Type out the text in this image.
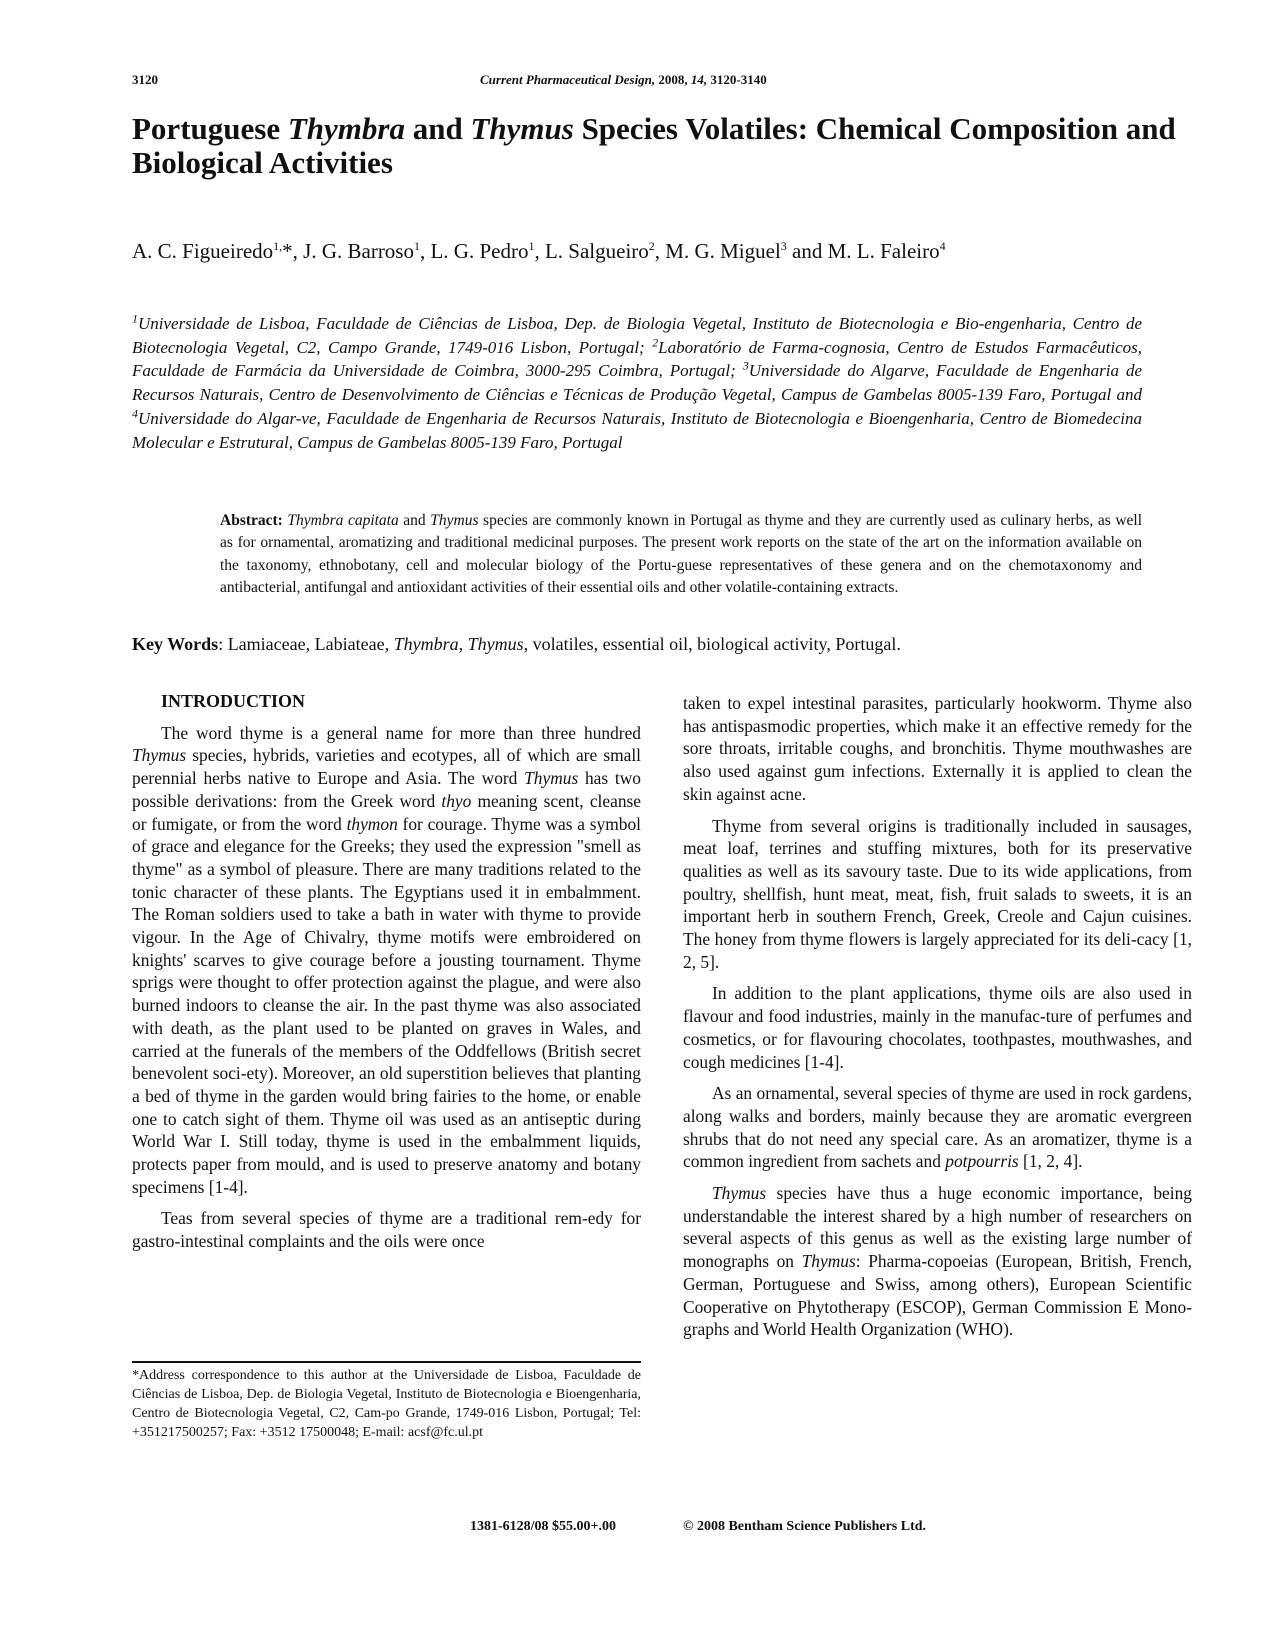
3120	Current Pharmaceutical Design, 2008, 14, 3120-3140
Portuguese Thymbra and Thymus Species Volatiles: Chemical Composition and Biological Activities
A. C. Figueiredo$^{1,}$*, J. G. Barroso$^1$, L. G. Pedro$^1$, L. Salgueiro$^2$, M. G. Miguel$^3$ and M. L. Faleiro$^4$
$^1$Universidade de Lisboa, Faculdade de Ciências de Lisboa, Dep. de Biologia Vegetal, Instituto de Biotecnologia e Bio-engenharia, Centro de Biotecnologia Vegetal, C2, Campo Grande, 1749-016 Lisbon, Portugal; $^2$Laboratório de Farma-cognosia, Centro de Estudos Farmacêuticos, Faculdade de Farmácia da Universidade de Coimbra, 3000-295 Coimbra, Portugal; $^3$Universidade do Algarve, Faculdade de Engenharia de Recursos Naturais, Centro de Desenvolvimento de Ciências e Técnicas de Produção Vegetal, Campus de Gambelas 8005-139 Faro, Portugal and $^4$Universidade do Algar-ve, Faculdade de Engenharia de Recursos Naturais, Instituto de Biotecnologia e Bioengenharia, Centro de Biomedecina Molecular e Estrutural, Campus de Gambelas 8005-139 Faro, Portugal
Abstract: Thymbra capitata and Thymus species are commonly known in Portugal as thyme and they are currently used as culinary herbs, as well as for ornamental, aromatizing and traditional medicinal purposes. The present work reports on the state of the art on the information available on the taxonomy, ethnobotany, cell and molecular biology of the Portu-guese representatives of these genera and on the chemotaxonomy and antibacterial, antifungal and antioxidant activities of their essential oils and other volatile-containing extracts.
Key Words: Lamiaceae, Labiateae, Thymbra, Thymus, volatiles, essential oil, biological activity, Portugal.

INTRODUCTION

The word thyme is a general name for more than three hundred Thymus species, hybrids, varieties and ecotypes, all of which are small perennial herbs native to Europe and Asia. The word Thymus has two possible derivations: from the Greek word thyo meaning scent, cleanse or fumigate, or from the word thymon for courage. Thyme was a symbol of grace and elegance for the Greeks; they used the expression "smell as thyme" as a symbol of pleasure. There are many traditions related to the tonic character of these plants. The Egyptians used it in embalmment. The Roman soldiers used to take a bath in water with thyme to provide vigour. In the Age of Chivalry, thyme motifs were embroidered on knights' scarves to give courage before a jousting tournament. Thyme sprigs were thought to offer protection against the plague, and were also burned indoors to cleanse the air. In the past thyme was also associated with death, as the plant used to be planted on graves in Wales, and carried at the funerals of the members of the Oddfellows (British secret benevolent soci-ety). Moreover, an old superstition believes that planting a bed of thyme in the garden would bring fairies to the home, or enable one to catch sight of them. Thyme oil was used as an antiseptic during World War I. Still today, thyme is used in the embalmment liquids, protects paper from mould, and is used to preserve anatomy and botany specimens [1-4].

Teas from several species of thyme are a traditional rem-edy for gastro-intestinal complaints and the oils were once

taken to expel intestinal parasites, particularly hookworm. Thyme also has antispasmodic properties, which make it an effective remedy for the sore throats, irritable coughs, and bronchitis. Thyme mouthwashes are also used against gum infections. Externally it is applied to clean the skin against acne.

Thyme from several origins is traditionally included in sausages, meat loaf, terrines and stuffing mixtures, both for its preservative qualities as well as its savoury taste. Due to its wide applications, from poultry, shellfish, hunt meat, meat, fish, fruit salads to sweets, it is an important herb in southern French, Greek, Creole and Cajun cuisines. The honey from thyme flowers is largely appreciated for its deli-cacy [1, 2, 5].

In addition to the plant applications, thyme oils are also used in flavour and food industries, mainly in the manufac-ture of perfumes and cosmetics, or for flavouring chocolates, toothpastes, mouthwashes, and cough medicines [1-4].

As an ornamental, several species of thyme are used in rock gardens, along walks and borders, mainly because they are aromatic evergreen shrubs that do not need any special care. As an aromatizer, thyme is a common ingredient from sachets and potpourris [1, 2, 4].

Thymus species have thus a huge economic importance, being understandable the interest shared by a high number of researchers on several aspects of this genus as well as the existing large number of monographs on Thymus: Pharma-copoeias (European, British, French, German, Portuguese and Swiss, among others), European Scientific Cooperative on Phytotherapy (ESCOP), German Commission E Mono-graphs and World Health Organization (WHO).

*Address correspondence to this author at the Universidade de Lisboa, Faculdade de Ciências de Lisboa, Dep. de Biologia Vegetal, Instituto de Biotecnologia e Bioengenharia, Centro de Biotecnologia Vegetal, C2, Cam-po Grande, 1749-016 Lisbon, Portugal; Tel: +351217500257; Fax: +3512 17500048; E-mail: acsf@fc.ul.pt
1381-6128/08 $55.00+.00	© 2008 Bentham Science Publishers Ltd.
